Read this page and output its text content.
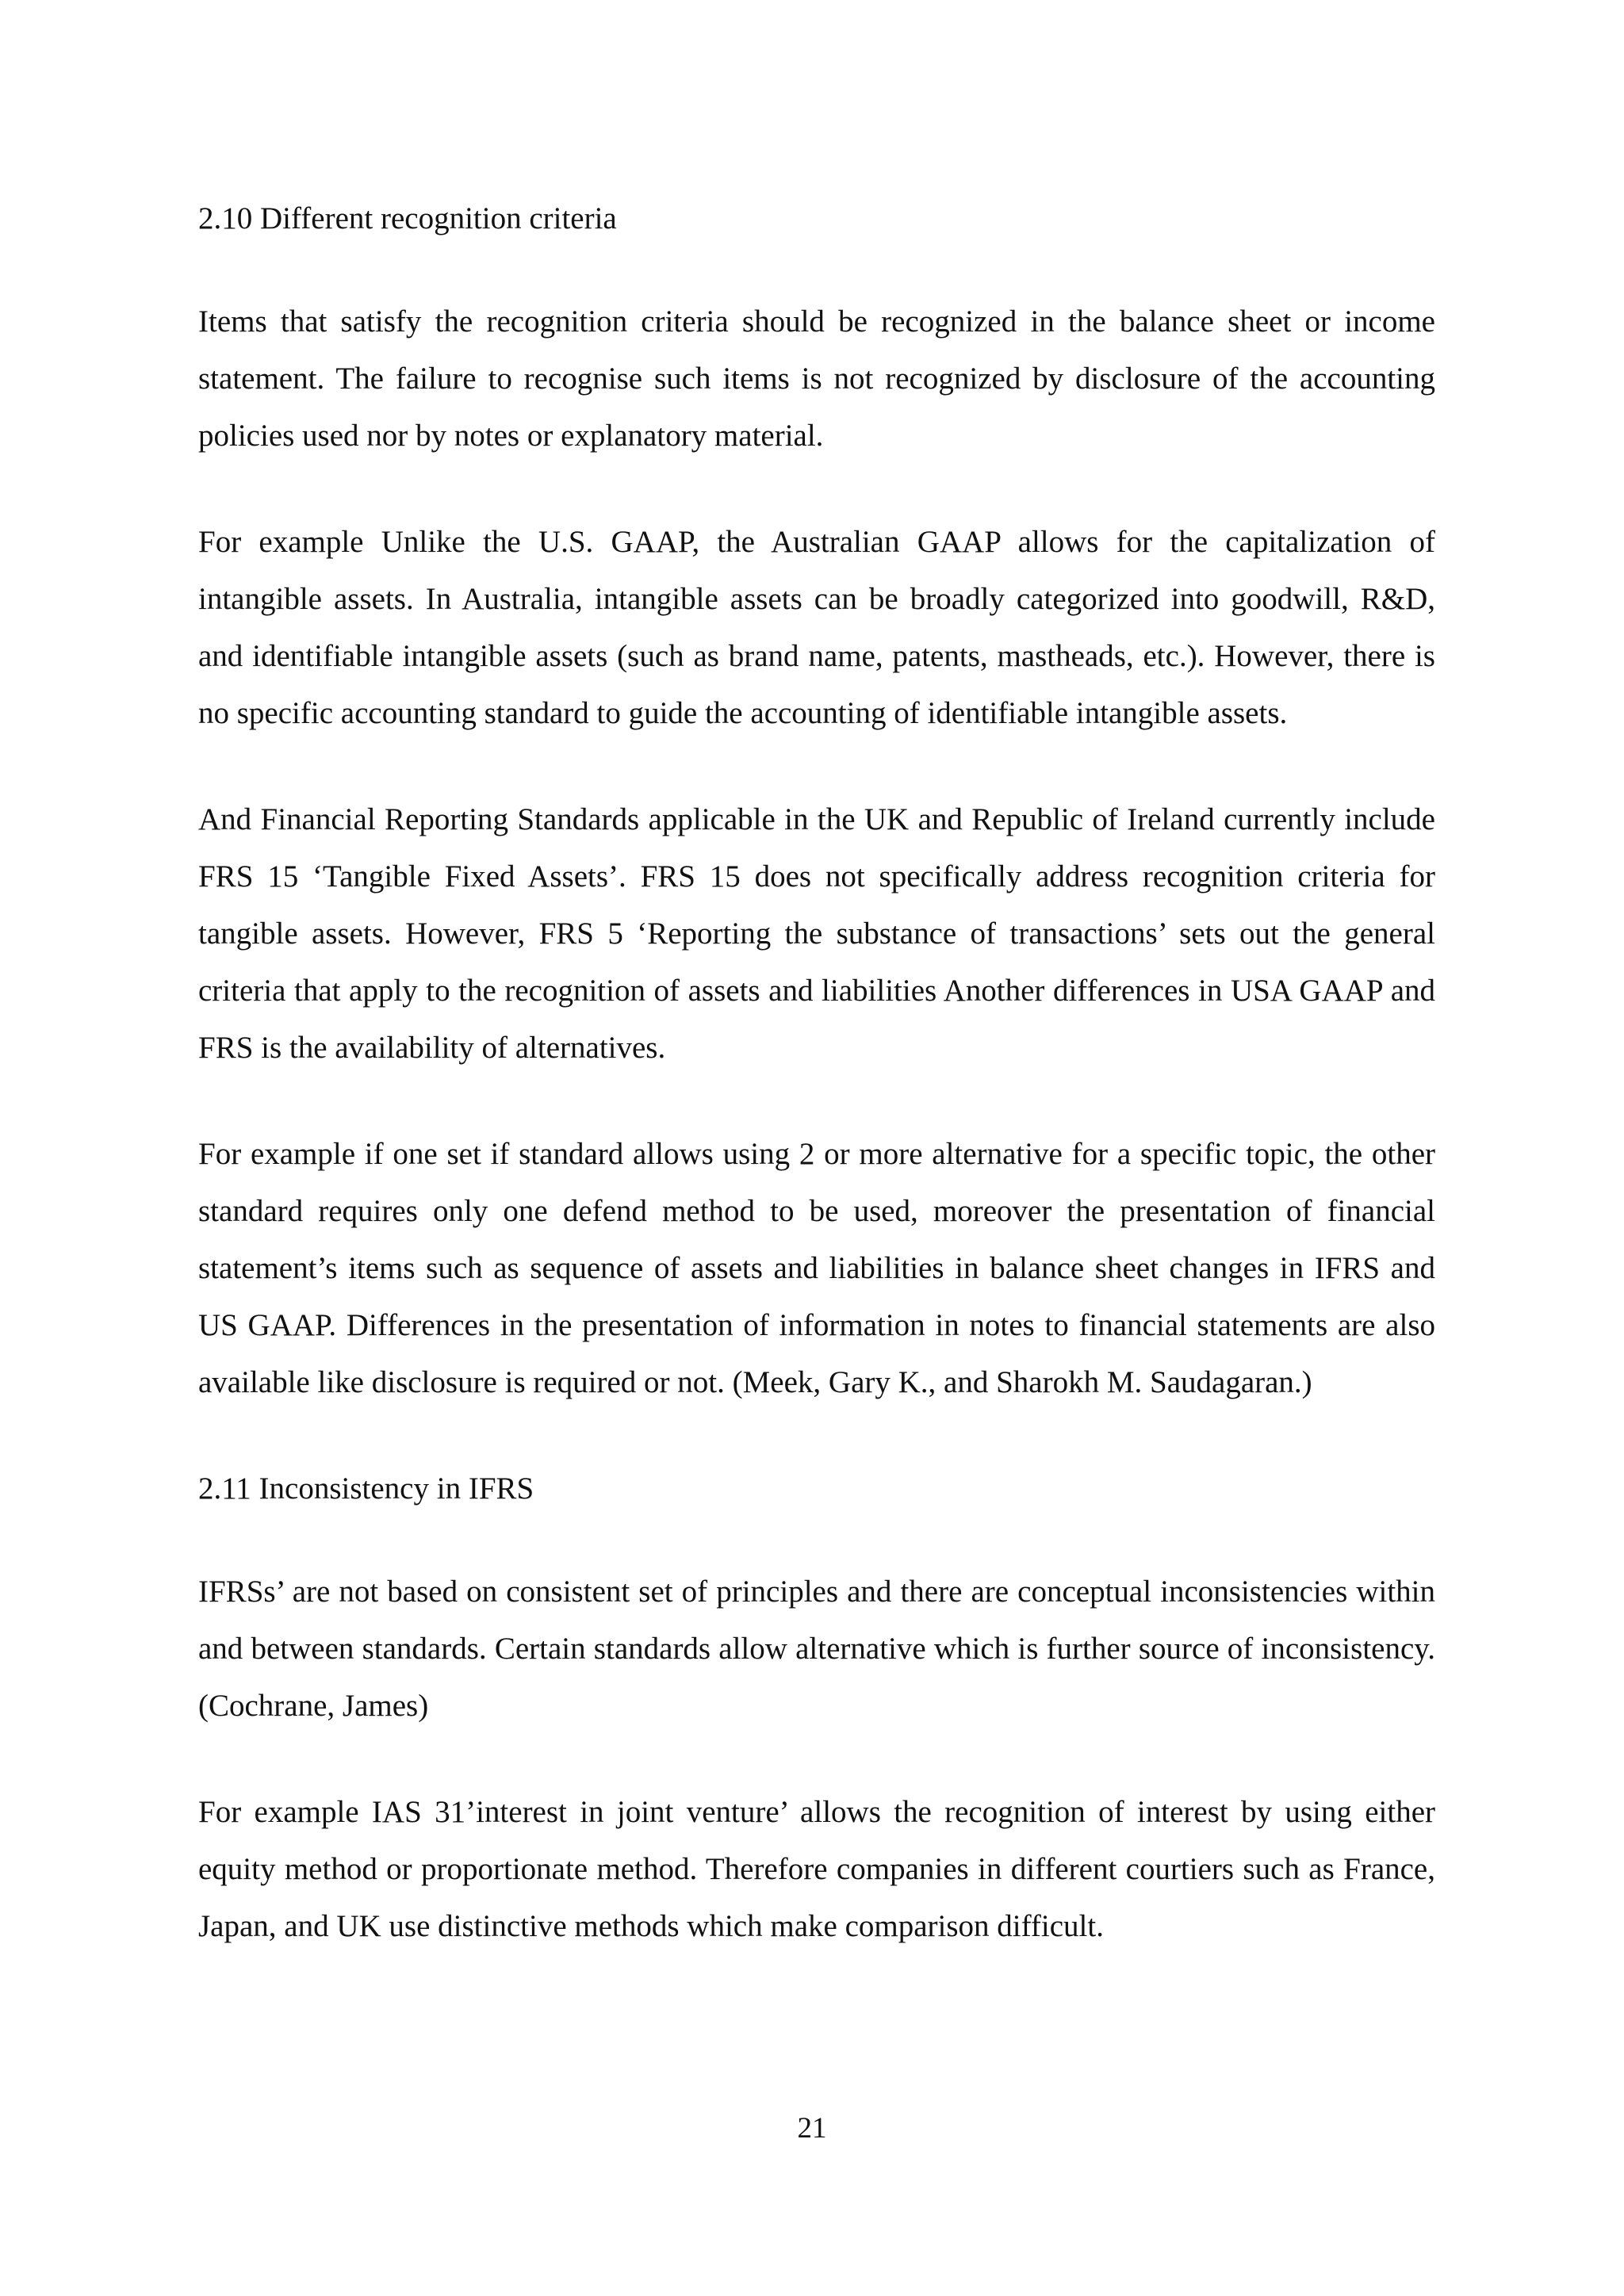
2.10 Different recognition criteria

Items that satisfy the recognition criteria should be recognized in the balance sheet or income statement. The failure to recognise such items is not recognized by disclosure of the accounting policies used nor by notes or explanatory material.

For example Unlike the U.S. GAAP, the Australian GAAP allows for the capitalization of intangible assets. In Australia, intangible assets can be broadly categorized into goodwill, R&D, and identifiable intangible assets (such as brand name, patents, mastheads, etc.). However, there is no specific accounting standard to guide the accounting of identifiable intangible assets.

And Financial Reporting Standards applicable in the UK and Republic of Ireland currently include FRS 15 ‘Tangible Fixed Assets’. FRS 15 does not specifically address recognition criteria for tangible assets. However, FRS 5 ‘Reporting the substance of transactions’ sets out the general criteria that apply to the recognition of assets and liabilities Another differences in USA GAAP and FRS is the availability of alternatives.

For example if one set if standard allows using 2 or more alternative for a specific topic, the other standard requires only one defend method to be used, moreover the presentation of financial statement’s items such as sequence of assets and liabilities in balance sheet changes in IFRS and US GAAP. Differences in the presentation of information in notes to financial statements are also available like disclosure is required or not. (Meek, Gary K., and Sharokh M. Saudagaran.)

2.11 Inconsistency in IFRS

IFRSs’ are not based on consistent set of principles and there are conceptual inconsistencies within and between standards. Certain standards allow alternative which is further source of inconsistency. (Cochrane, James)

For example IAS 31’interest in joint venture’ allows the recognition of interest by using either equity method or proportionate method. Therefore companies in different courtiers such as France, Japan, and UK use distinctive methods which make comparison difficult.

21
